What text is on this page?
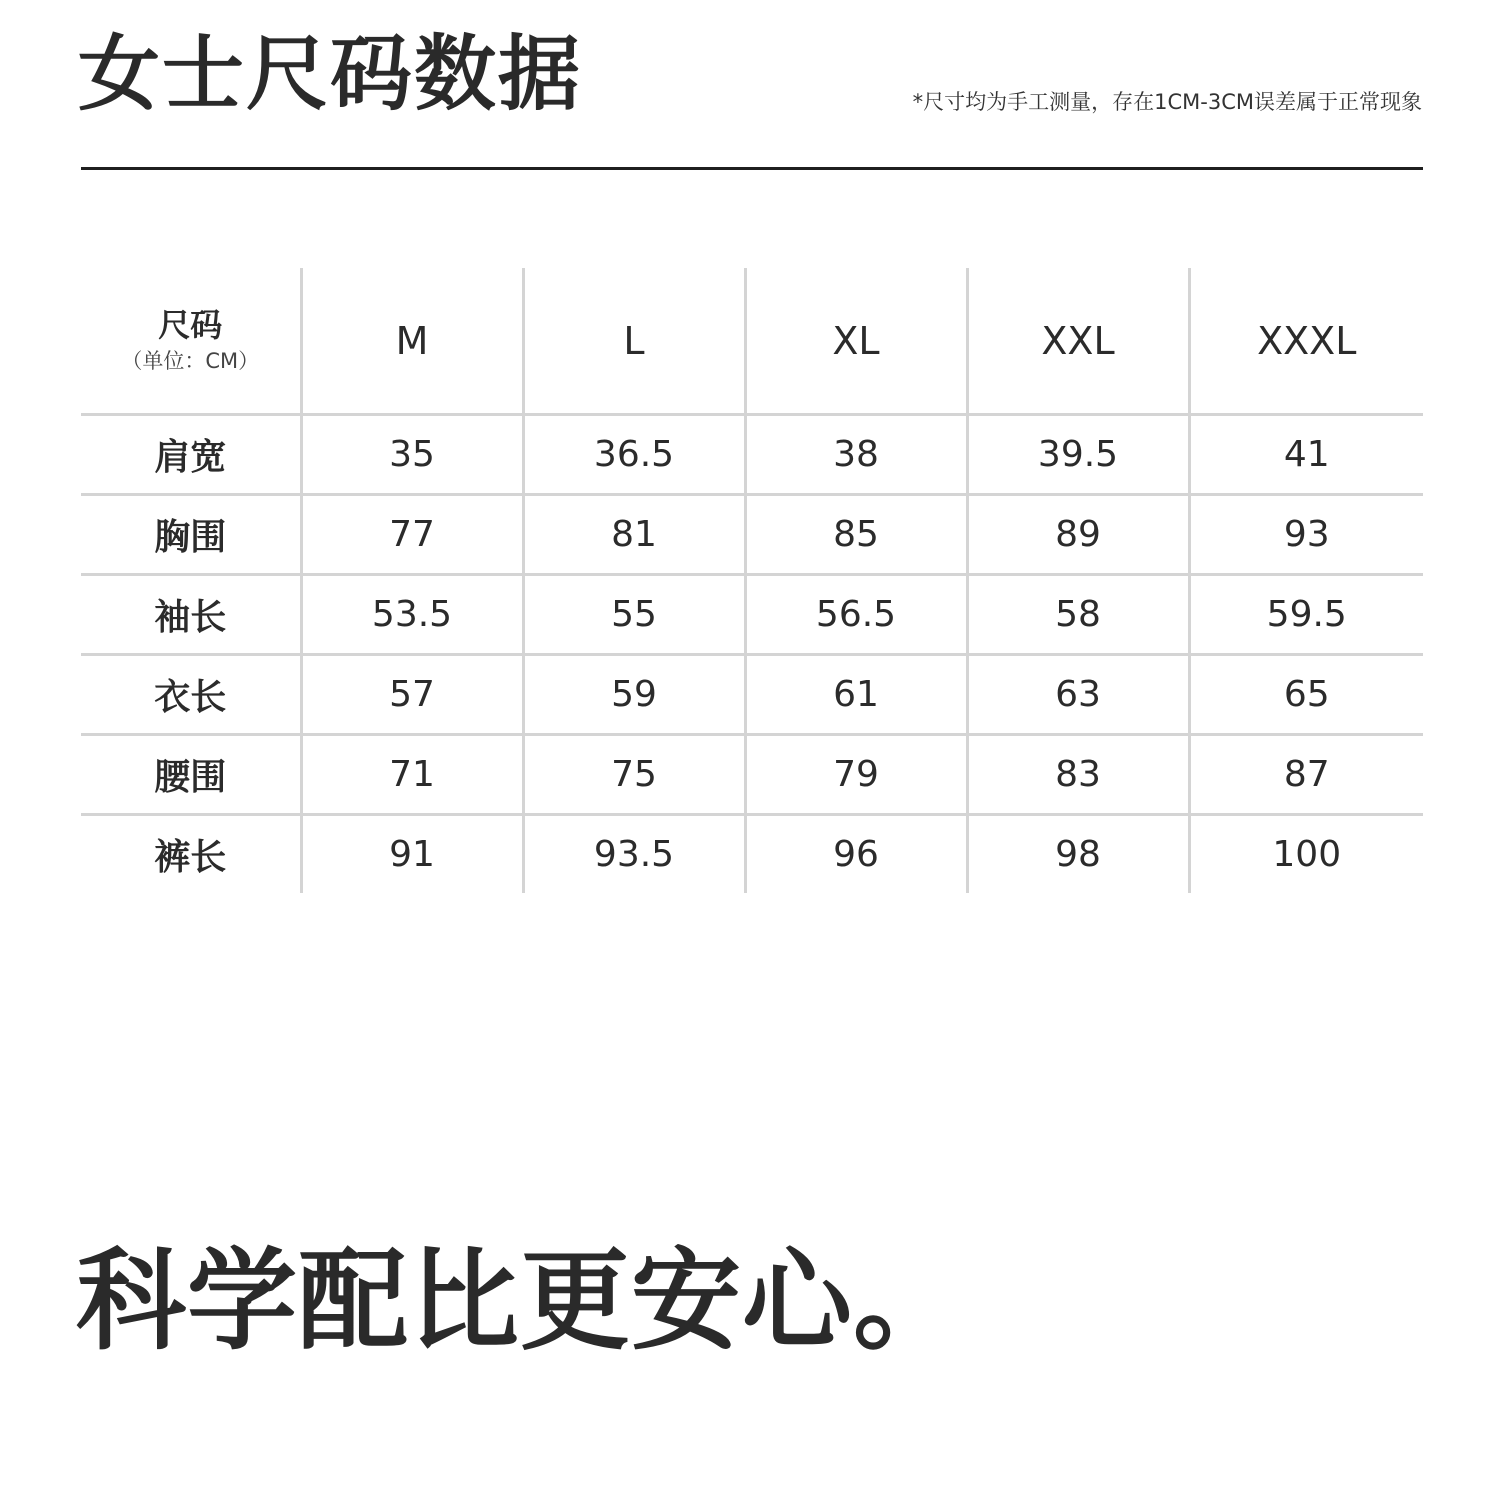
女士尺码数据	*尺寸均为手工测量，存在1CM-3CM误差属于正常现象
尺码
（单位：CM）	M	L	XL	XXL	XXXL
肩宽	35	36.5	38	39.5	41
胸围	77	81	85	89	93
袖长	53.5	55	56.5	58	59.5
衣长	57	59	61	63	65
腰围	71	75	79	83	87
裤长	91	93.5	96	98	100
科学配比更安心。
